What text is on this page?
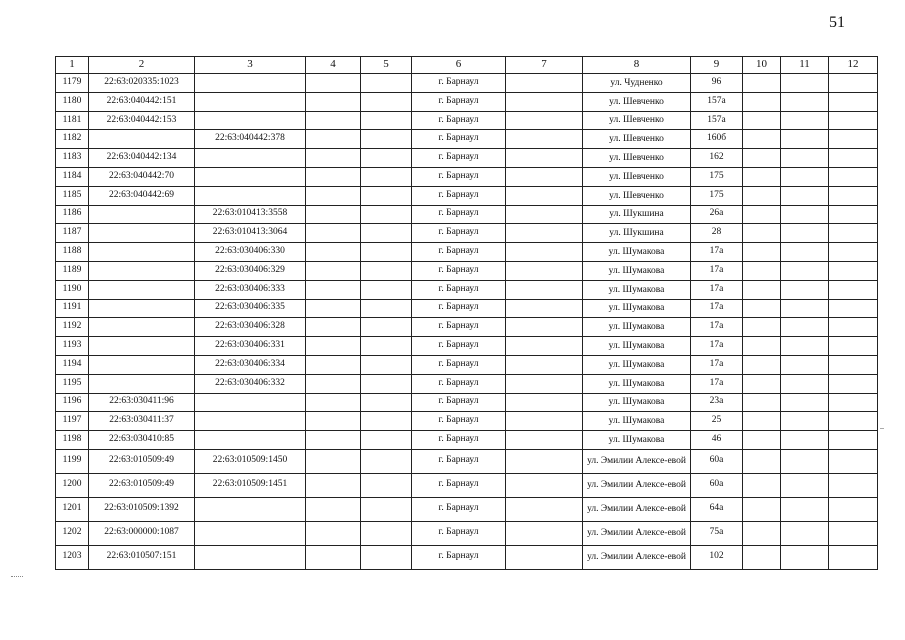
51
1	2	3	4	5	6	7	8	9	10	11	12
1179	22:63:020335:1023				г. Барнаул		ул. Чудненко	96			
1180	22:63:040442:151				г. Барнаул		ул. Шевченко	157а			
1181	22:63:040442:153				г. Барнаул		ул. Шевченко	157а			
1182		22:63:040442:378			г. Барнаул		ул. Шевченко	160б			
1183	22:63:040442:134				г. Барнаул		ул. Шевченко	162			
1184	22:63:040442:70				г. Барнаул		ул. Шевченко	175			
1185	22:63:040442:69				г. Барнаул		ул. Шевченко	175			
1186		22:63:010413:3558			г. Барнаул		ул. Шукшина	26а			
1187		22:63:010413:3064			г. Барнаул		ул. Шукшина	28			
1188		22:63:030406:330			г. Барнаул		ул. Шумакова	17а			
1189		22:63:030406:329			г. Барнаул		ул. Шумакова	17а			
1190		22:63:030406:333			г. Барнаул		ул. Шумакова	17а			
1191		22:63:030406:335			г. Барнаул		ул. Шумакова	17а			
1192		22:63:030406:328			г. Барнаул		ул. Шумакова	17а			
1193		22:63:030406:331			г. Барнаул		ул. Шумакова	17а			
1194		22:63:030406:334			г. Барнаул		ул. Шумакова	17а			
1195		22:63:030406:332			г. Барнаул		ул. Шумакова	17а			
1196	22:63:030411:96				г. Барнаул		ул. Шумакова	23а			
1197	22:63:030411:37				г. Барнаул		ул. Шумакова	25			
1198	22:63:030410:85				г. Барнаул		ул. Шумакова	46			
1199	22:63:010509:49	22:63:010509:1450			г. Барнаул		ул. Эмилии Алексе-евой	60а			
1200	22:63:010509:49	22:63:010509:1451			г. Барнаул		ул. Эмилии Алексе-евой	60а			
1201	22:63:010509:1392				г. Барнаул		ул. Эмилии Алексе-евой	64а			
1202	22:63:000000:1087				г. Барнаул		ул. Эмилии Алексе-евой	75а			
1203	22:63:010507:151				г. Барнаул		ул. Эмилии Алексе-евой	102			
